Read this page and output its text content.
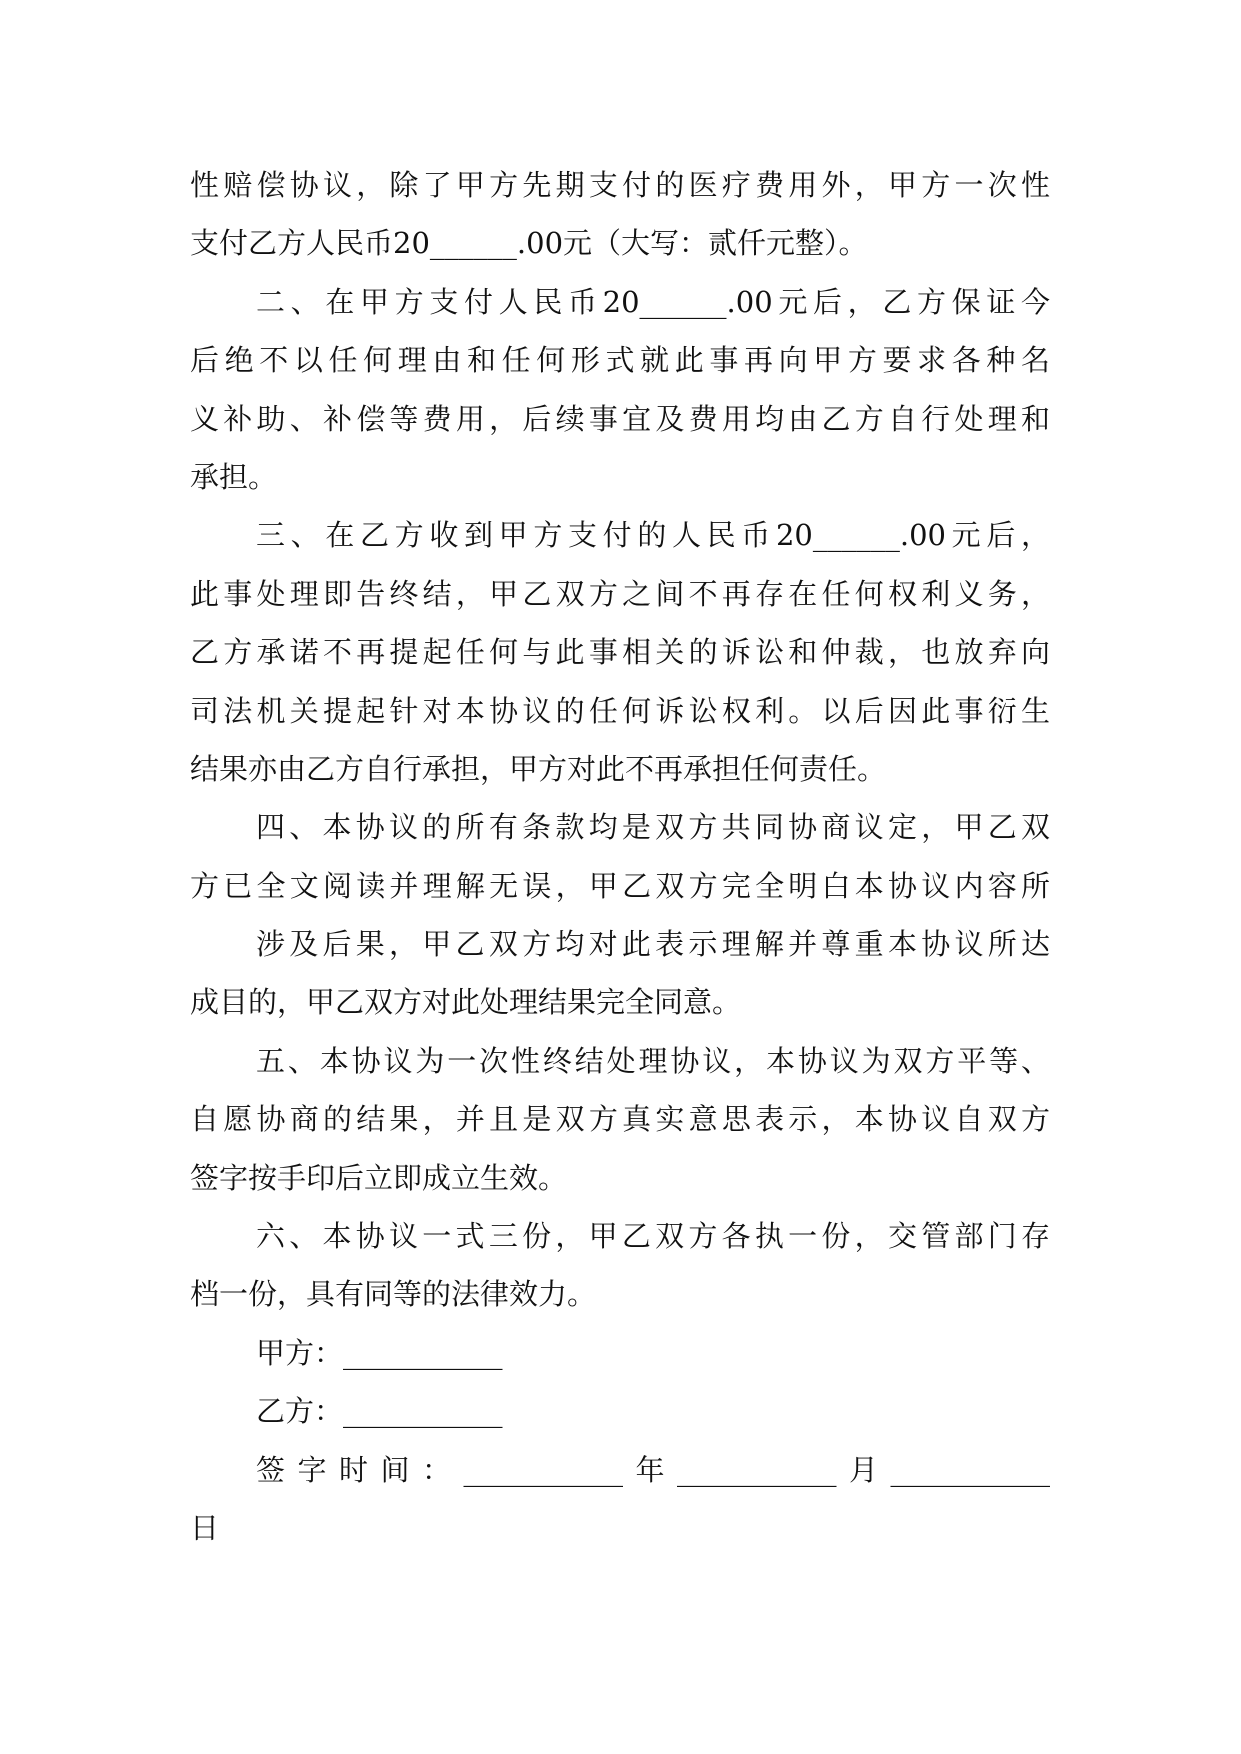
性赔偿协议，除了甲方先期支付的医疗费用外，甲方一次性
支付乙方人民币20______.00元（大写：贰仟元整）。
二、在甲方支付人民币20______.00元后，乙方保证今
后绝不以任何理由和任何形式就此事再向甲方要求各种名
义补助、补偿等费用，后续事宜及费用均由乙方自行处理和
承担。
三、在乙方收到甲方支付的人民币20______.00元后，
此事处理即告终结，甲乙双方之间不再存在任何权利义务，
乙方承诺不再提起任何与此事相关的诉讼和仲裁，也放弃向
司法机关提起针对本协议的任何诉讼权利。以后因此事衍生
结果亦由乙方自行承担，甲方对此不再承担任何责任。
四、本协议的所有条款均是双方共同协商议定，甲乙双
方已全文阅读并理解无误，甲乙双方完全明白本协议内容所
涉及后果，甲乙双方均对此表示理解并尊重本协议所达
成目的，甲乙双方对此处理结果完全同意。
五、本协议为一次性终结处理协议，本协议为双方平等、
自愿协商的结果，并且是双方真实意思表示，本协议自双方
签字按手印后立即成立生效。
六、本协议一式三份，甲乙双方各执一份，交管部门存
档一份，具有同等的法律效力。
甲方：___________
乙方：___________
签字时间：___________年___________月___________
日
